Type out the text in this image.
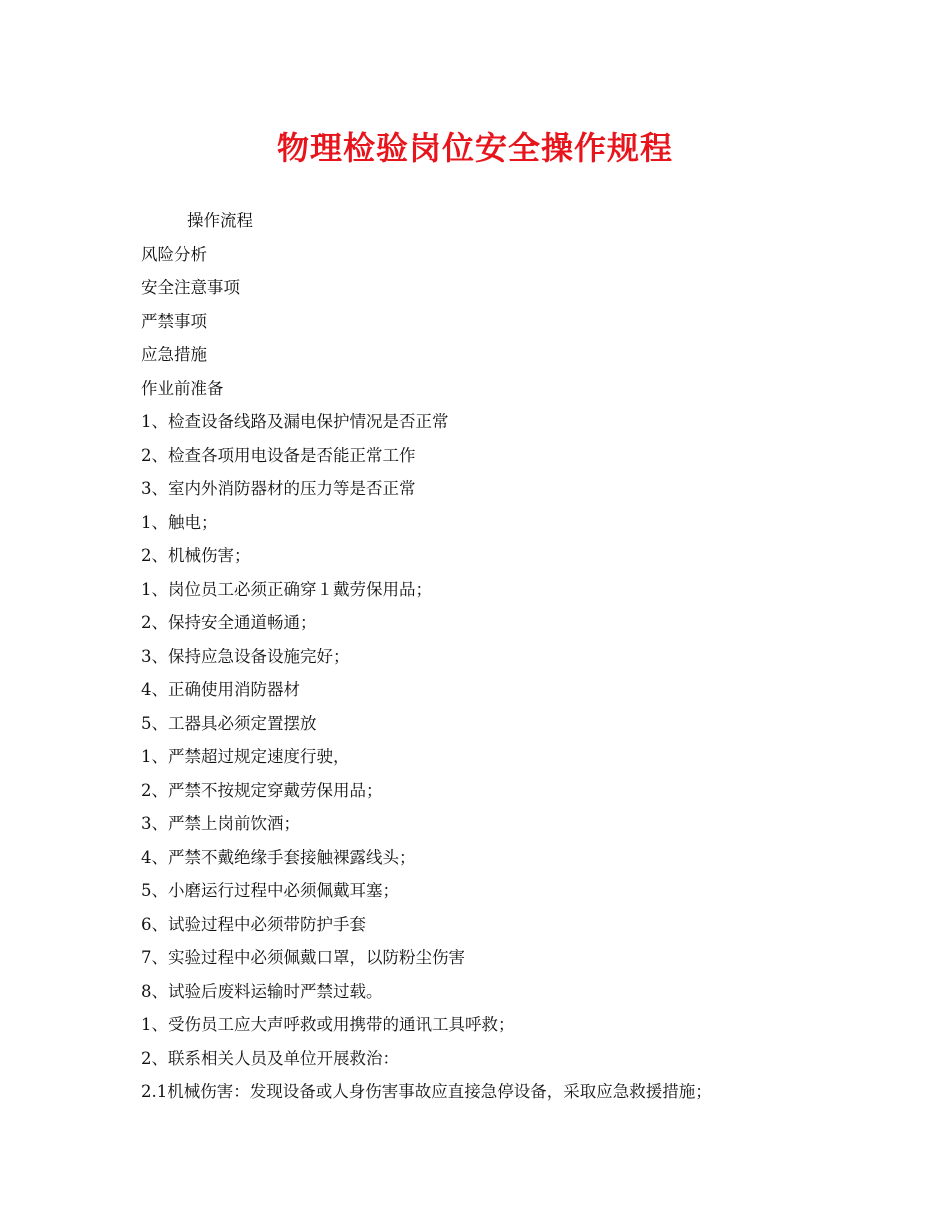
物理检验岗位安全操作规程
操作流程
风险分析
安全注意事项
严禁事项
应急措施
作业前准备
1、检查设备线路及漏电保护情况是否正常
2、检查各项用电设备是否能正常工作
3、室内外消防器材的压力等是否正常
1、触电；
2、机械伤害；
1、岗位员工必须正确穿１戴劳保用品；
2、保持安全通道畅通；
3、保持应急设备设施完好；
4、正确使用消防器材
5、工器具必须定置摆放
1、严禁超过规定速度行驶，
2、严禁不按规定穿戴劳保用品；
3、严禁上岗前饮酒；
4、严禁不戴绝缘手套接触裸露线头；
5、小磨运行过程中必须佩戴耳塞；
6、试验过程中必须带防护手套
7、实验过程中必须佩戴口罩，以防粉尘伤害
8、试验后废料运输时严禁过载。
1、受伤员工应大声呼救或用携带的通讯工具呼救；
2、联系相关人员及单位开展救治：
2.1机械伤害：发现设备或人身伤害事故应直接急停设备，采取应急救援措施；
